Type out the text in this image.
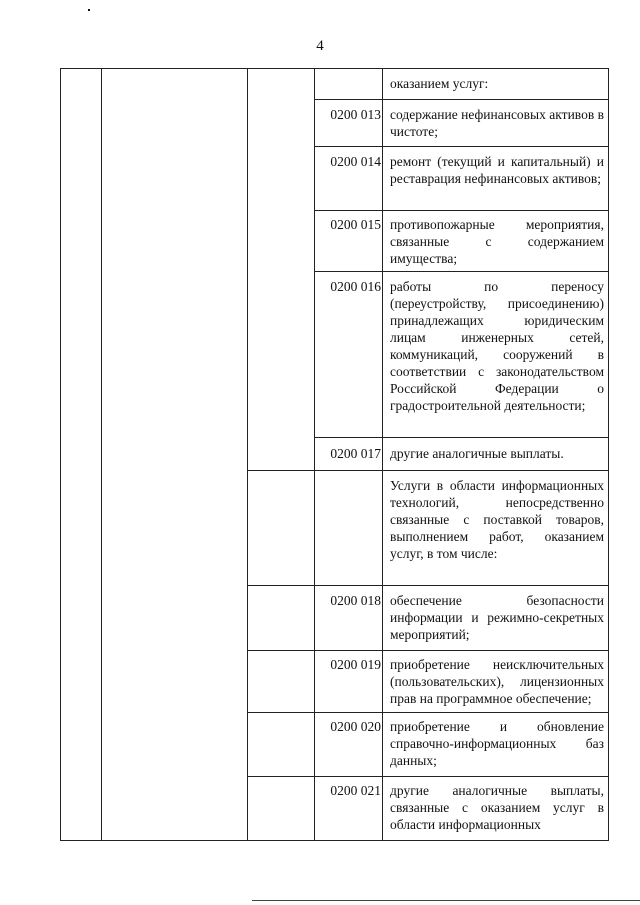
4
оказанием услуг:
0200 013 содержание нефинансовых активов в чистоте;
0200 014 ремонт (текущий и капитальный) и реставрация нефинансовых активов;
0200 015 противопожарные мероприятия, связанные с содержанием имущества;
0200 016 работы по переносу (переустройству, присоединению) принадлежащих юридическим лицам инженерных сетей, коммуникаций, сооружений в соответствии с законодательством Российской Федерации о градостроительной деятельности;
0200 017 другие аналогичные выплаты.
Услуги в области информационных технологий, непосредственно связанные с поставкой товаров, выполнением работ, оказанием услуг, в том числе:
0200 018 обеспечение безопасности информации и режимно-секретных мероприятий;
0200 019 приобретение неисключительных (пользовательских), лицензионных прав на программное обеспечение;
0200 020 приобретение и обновление справочно-информационных баз данных;
0200 021 другие аналогичные выплаты, связанные с оказанием услуг в области информационных
